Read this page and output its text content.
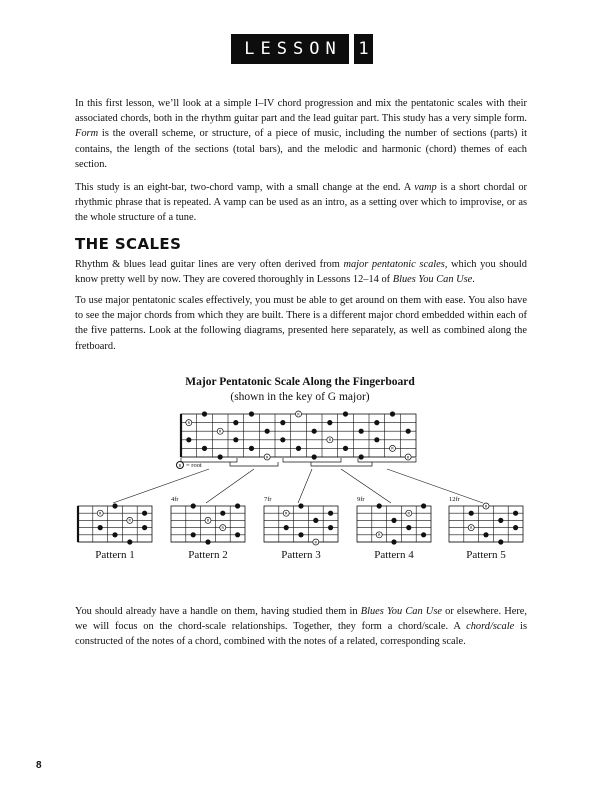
LESSON 1

In this first lesson, we’ll look at a simple I–IV chord progression and mix the pentatonic scales with their associated chords, both in the rhythm guitar part and the lead guitar part. This study has a very simple form. Form is the overall scheme, or structure, of a piece of music, including the number of sections (parts) it contains, the length of the sections (total bars), and the melodic and harmonic (chord) themes of each section.

This study is an eight-bar, two-chord vamp, with a small change at the end. A vamp is a short chordal or rhythmic phrase that is repeated. A vamp can be used as an intro, as a setting over which to improvise, or as the whole structure of a tune.

THE SCALES

Rhythm & blues lead guitar lines are very often derived from major pentatonic scales, which you should know pretty well by now. They are covered thoroughly in Lessons 12–14 of Blues You Can Use.

To use major pentatonic scales effectively, you must be able to get around on them with ease. You also have to see the major chords from which they are built. There is a different major chord embedded within each of the five patterns. Look at the following diagrams, presented here separately, as well as combined along the fretboard.

Major Pentatonic Scale Along the Fingerboard

(shown in the key of G major)

R = root
R
R
R
R
R
R
R
R
R	R
R
R
R
R
R
R
R
4fr	7fr	9fr	12fr
Pattern 1	Pattern 2	Pattern 3	Pattern 4	Pattern 5

You should already have a handle on them, having studied them in Blues You Can Use or elsewhere. Here, we will focus on the chord-scale relationships. Together, they form a chord/scale. A chord/scale is constructed of the notes of a chord, combined with the notes of a related, corresponding scale.

8
